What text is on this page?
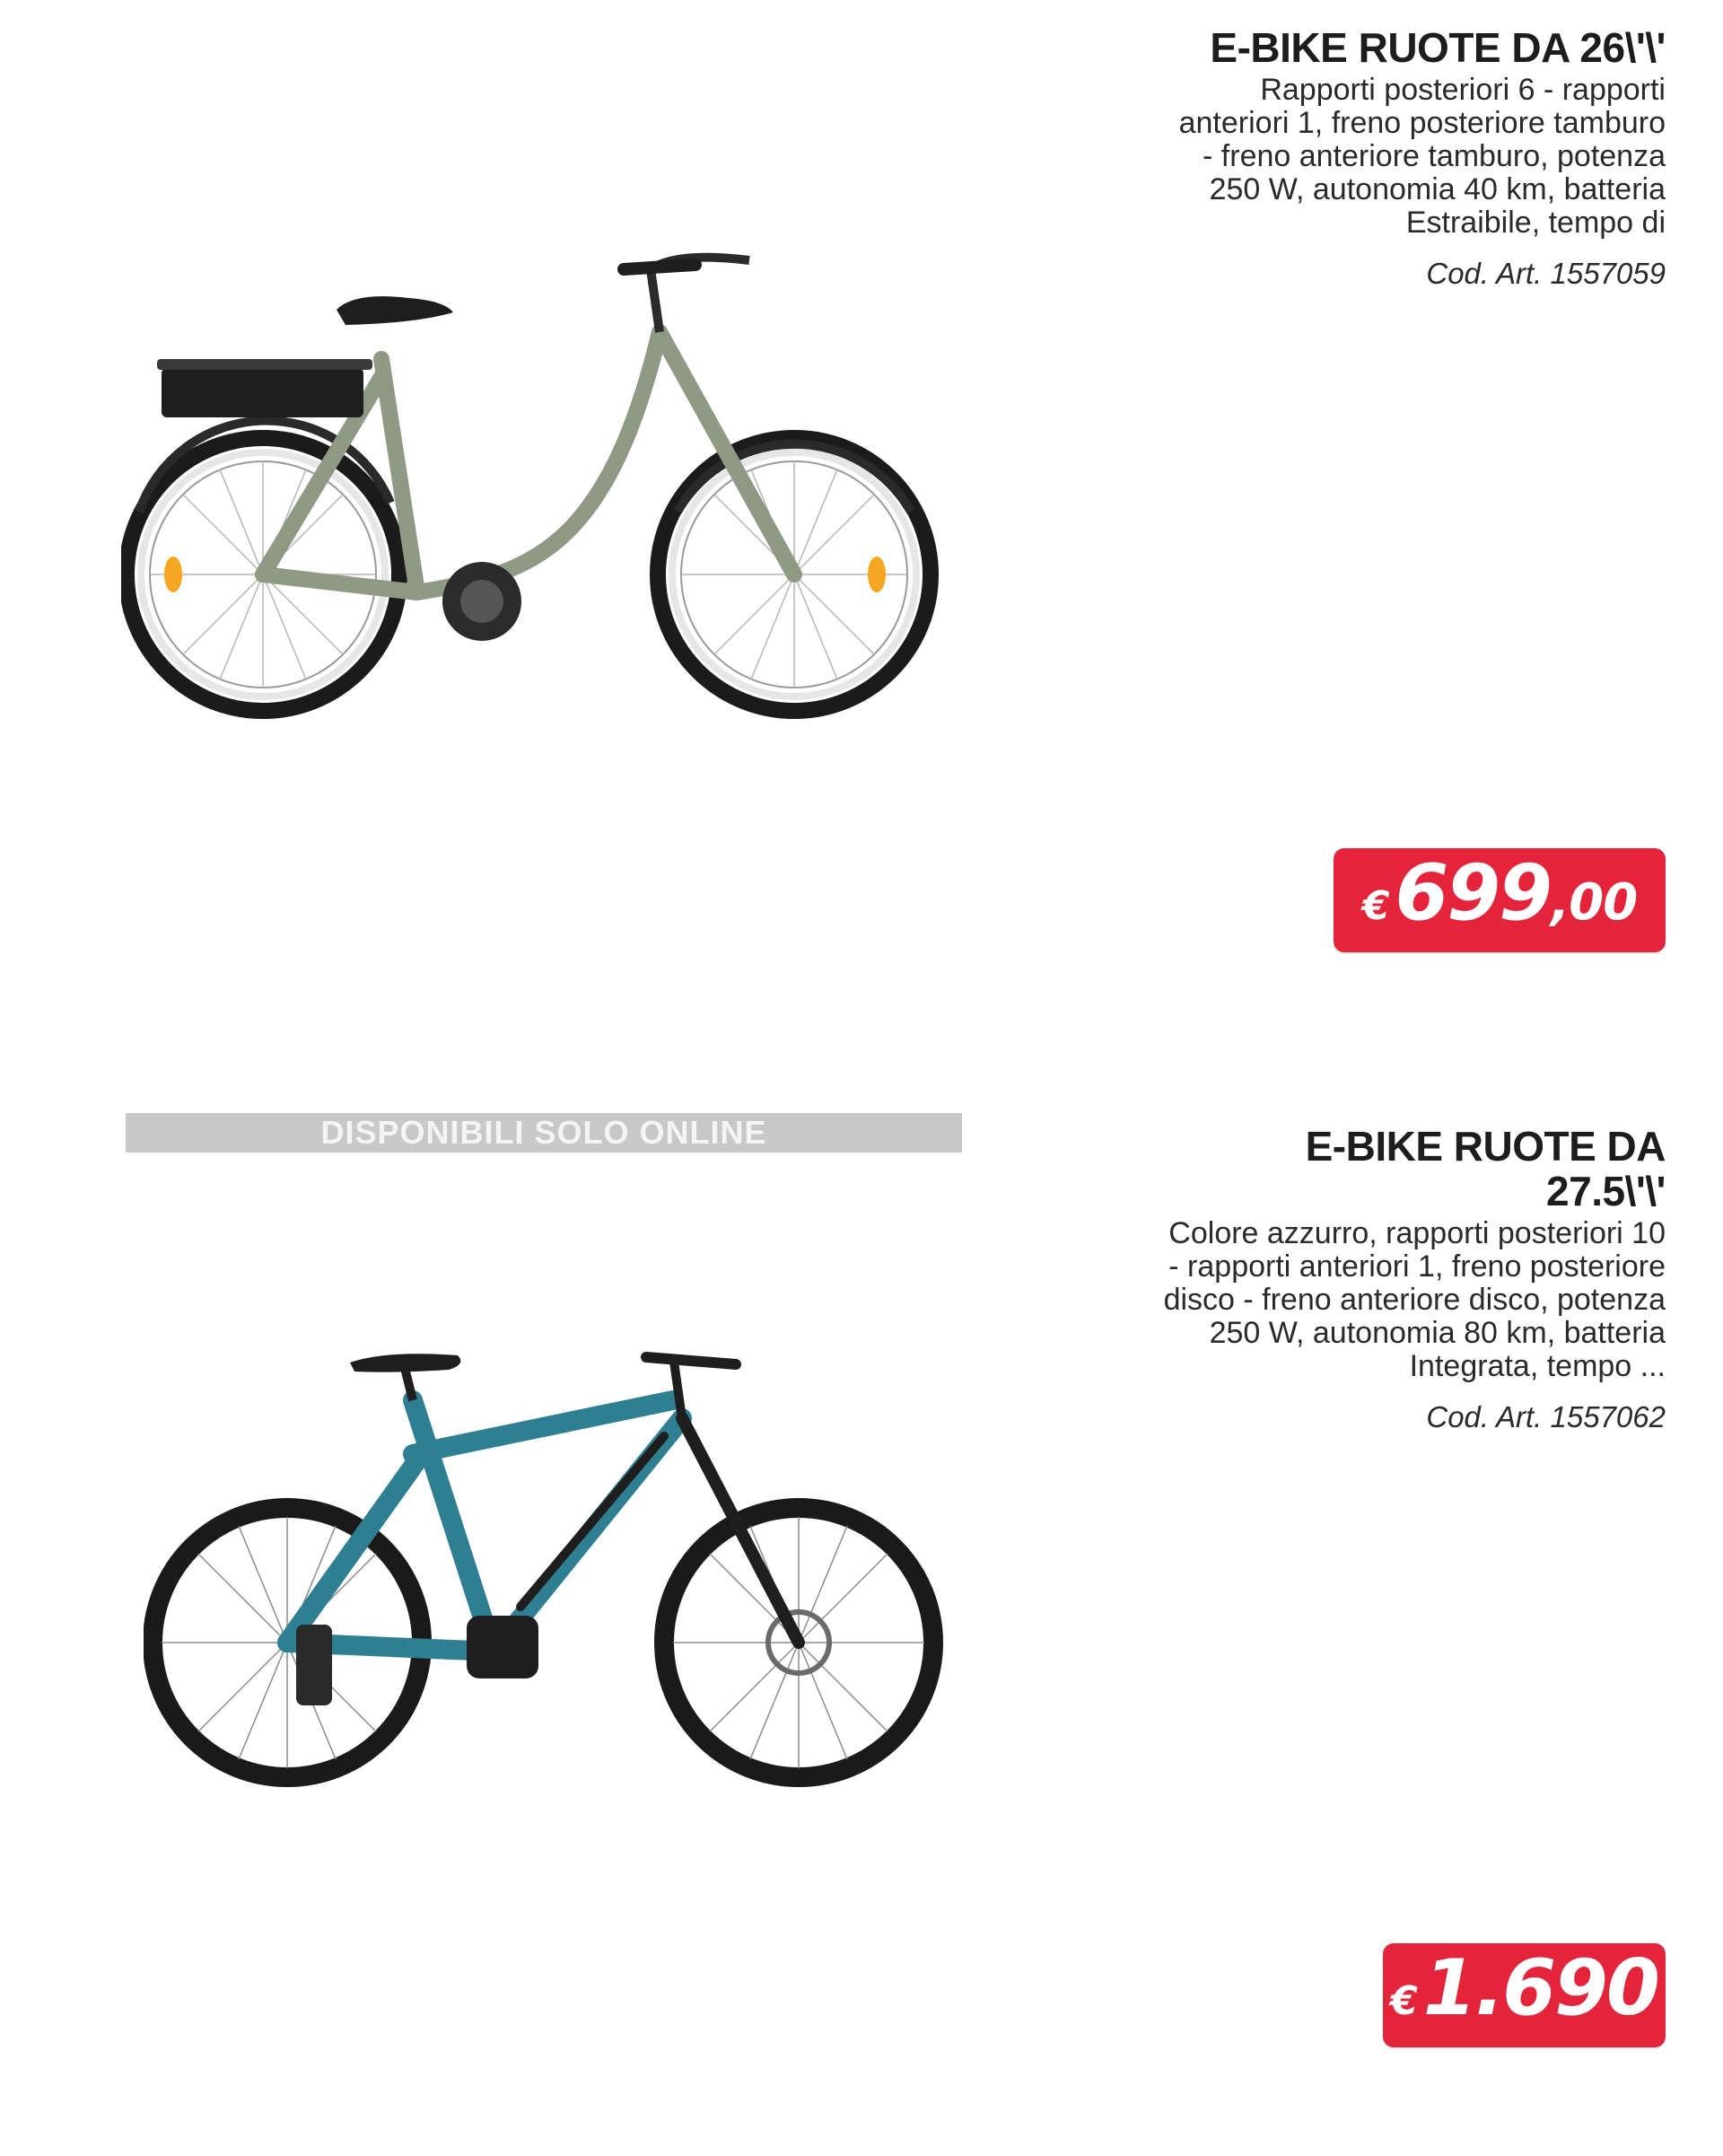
E-BIKE RUOTE DA 26\'\'

Rapporti posteriori 6 - rapporti anteriori 1, freno posteriore tamburo - freno anteriore tamburo, potenza 250 W, autonomia 40 km, batteria Estraibile, tempo di

Cod. Art. 1557059
€ 699 ,00
DISPONIBILI SOLO ONLINE	E-BIKE RUOTE DA
27.5\'\'

Colore azzurro, rapporti posteriori 10 - rapporti anteriori 1, freno posteriore disco - freno anteriore disco, potenza 250 W, autonomia 80 km, batteria Integrata, tempo ...

Cod. Art. 1557062
€ 1.690
